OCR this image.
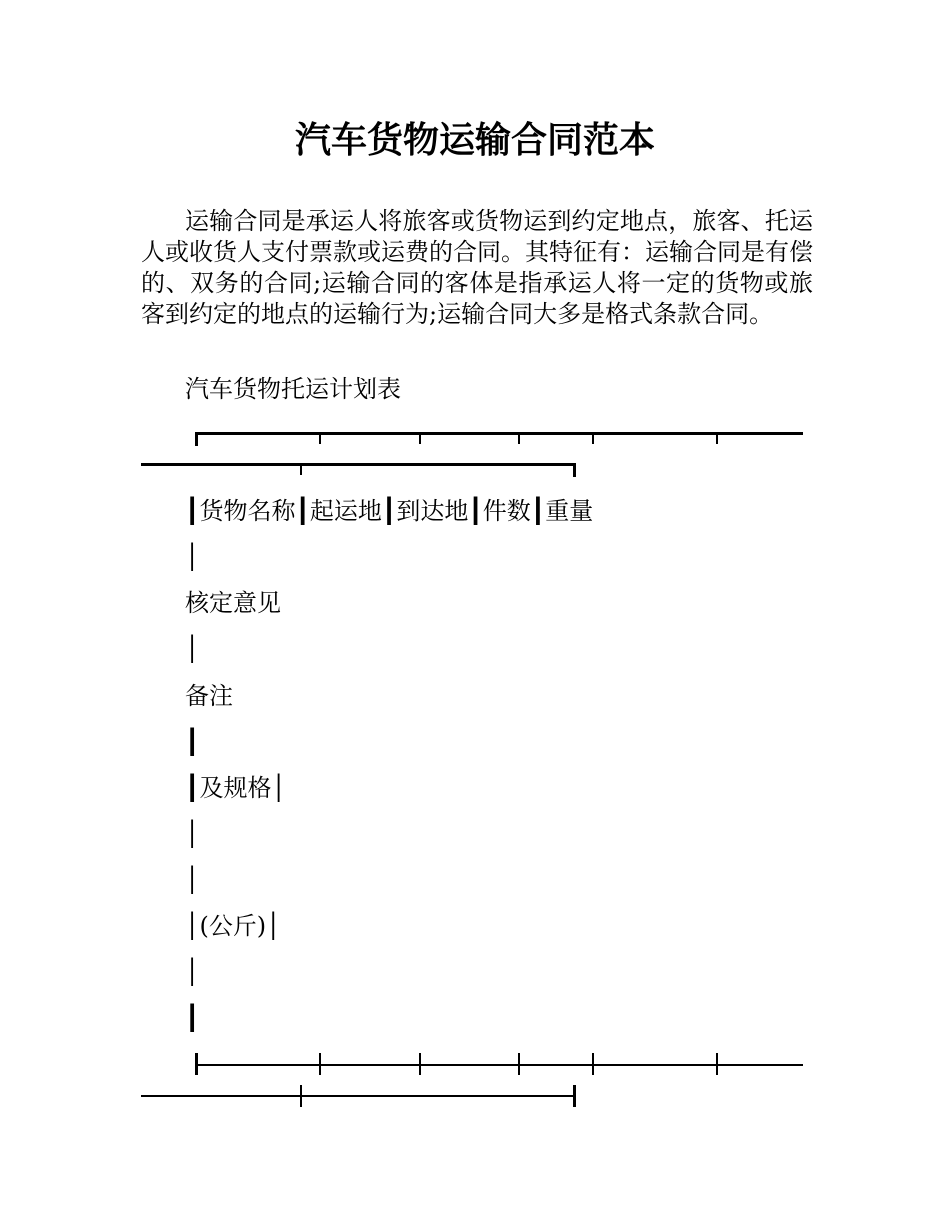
汽车货物运输合同范本

运输合同是承运人将旅客或货物运到约定地点，旅客、托运人或收货人支付票款或运费的合同。其特征有：运输合同是有偿的、双务的合同;运输合同的客体是指承运人将一定的货物或旅客到约定的地点的运输行为;运输合同大多是格式条款合同。

汽车货物托运计划表
┃货物名称┃起运地┃到达地┃件数┃重量
│
核定意见
│
备注
┃
┃及规格│
│
│
│(公斤)│
│
┃
